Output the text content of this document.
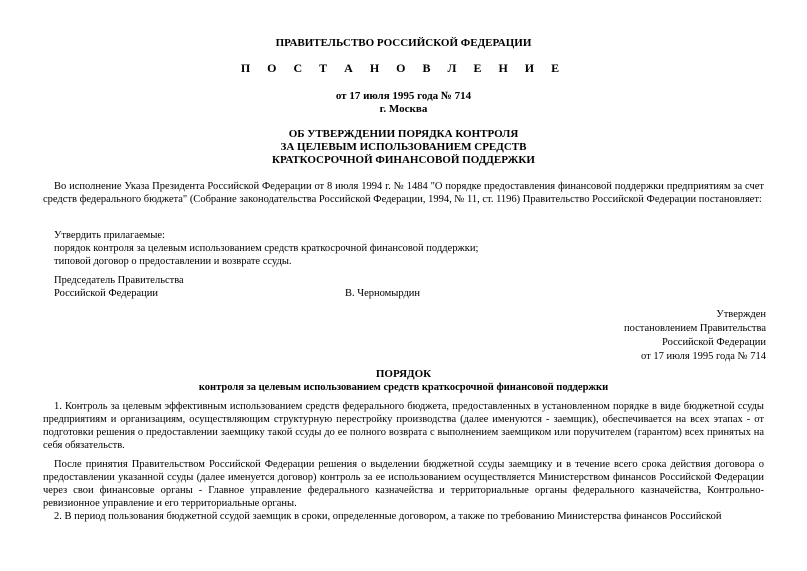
ПРАВИТЕЛЬСТВО РОССИЙСКОЙ ФЕДЕРАЦИИ
П О С Т А Н О В Л Е Н И Е
от 17 июля 1995 года № 714
г. Москва
ОБ УТВЕРЖДЕНИИ ПОРЯДКА КОНТРОЛЯ
ЗА ЦЕЛЕВЫМ ИСПОЛЬЗОВАНИЕМ СРЕДСТВ
КРАТКОСРОЧНОЙ ФИНАНСОВОЙ ПОДДЕРЖКИ
Во исполнение Указа Президента Российской Федерации от 8 июля 1994 г. № 1484 "О порядке предоставления финансовой поддержки предприятиям за счет средств федерального бюджета" (Собрание законодательства Российской Федерации, 1994, № 11, ст. 1196) Правительство Российской Федерации постановляет:
Утвердить прилагаемые:
порядок контроля за целевым использованием средств краткосрочной финансовой поддержки;
типовой договор о предоставлении и возврате ссуды.
Председатель Правительства
Российской Федерации	В. Черномырдин
Утвержден
постановлением Правительства
Российской Федерации
от 17 июля 1995 года № 714
ПОРЯДОК
контроля за целевым использованием средств краткосрочной финансовой поддержки
1. Контроль за целевым эффективным использованием средств федерального бюджета, предоставленных в установленном порядке в виде бюджетной ссуды предприятиям и организациям, осуществляющим структурную перестройку производства (далее именуются - заемщик), обеспечивается на всех этапах - от подготовки решения о предоставлении заемщику такой ссуды до ее полного возврата с выполнением заемщиком или поручителем (гарантом) всех принятых на себя обязательств.
После принятия Правительством Российской Федерации решения о выделении бюджетной ссуды заемщику и в течение всего срока действия договора о предоставлении указанной ссуды (далее именуется договор) контроль за ее использованием осуществляется Министерством финансов Российской Федерации через свои финансовые органы - Главное управление федерального казначейства и территориальные органы федерального казначейства, Контрольно-ревизионное управление и его территориальные органы.
2. В период пользования бюджетной ссудой заемщик в сроки, определенные договором, а также по требованию Министерства финансов Российской
